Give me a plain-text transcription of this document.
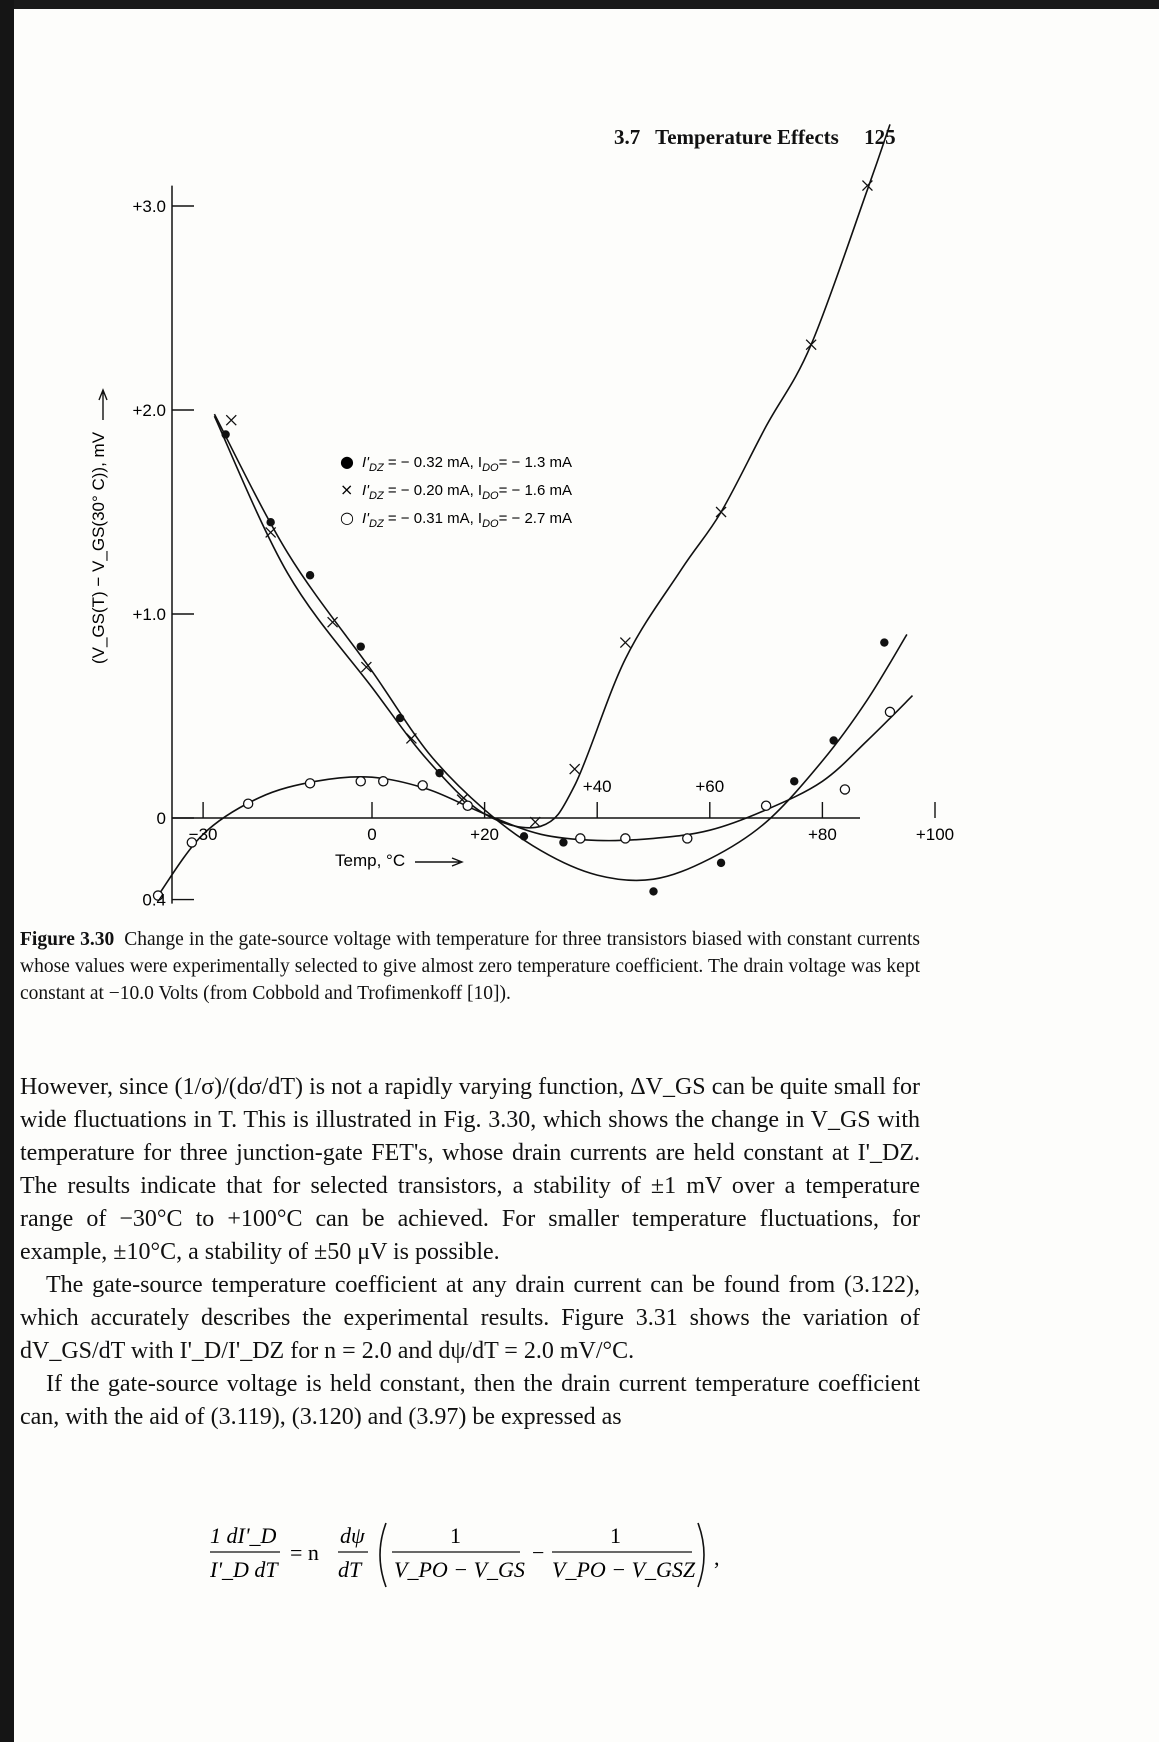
3.7 Temperature Effects 125
+3.0
+2.0
+1.0
0
0.4
−30	0	+20
+40	+60
+80	+100
(V_GS(T) − V_GS(30° C)), mV
Temp, °C
● $I'_{DZ}$ = − 0.32 mA, $I_{DO}= - 1.3$ mA
× $I'_{DZ}$ = − 0.20 mA, $I_{DO}= - 1.6$ mA
○ $I'_{DZ}$ = − 0.31 mA, $I_{DO}= - 2.7$ mA
Figure 3.30 Change in the gate-source voltage with temperature for three transistors biased with constant currents whose values were experimentally selected to give almost zero temperature coefficient. The drain voltage was kept constant at −10.0 Volts (from Cobbold and Trofimenkoff [10]).

However, since (1/σ)/(dσ/dT) is not a rapidly varying function, ΔV_GS can be quite small for wide fluctuations in T. This is illustrated in Fig. 3.30, which shows the change in V_GS with temperature for three junction-gate FET's, whose drain currents are held constant at I'_DZ. The results indicate that for selected transistors, a stability of ±1 mV over a temperature range of −30°C to +100°C can be achieved. For smaller temperature fluctuations, for example, ±10°C, a stability of ±50 μV is possible.

The gate-source temperature coefficient at any drain current can be found from (3.122), which accurately describes the experimental results. Figure 3.31 shows the variation of dV_GS/dT with I'_D/I'_DZ for n = 2.0 and dψ/dT = 2.0 mV/°C.

If the gate-source voltage is held constant, then the drain current temperature coefficient can, with the aid of (3.119), (3.120) and (3.97) be expressed as

1 dI'_D
I'_D dT
= n
dψ
dT
1
V_PO − V_GS
−
1
V_PO − V_GSZ ,
